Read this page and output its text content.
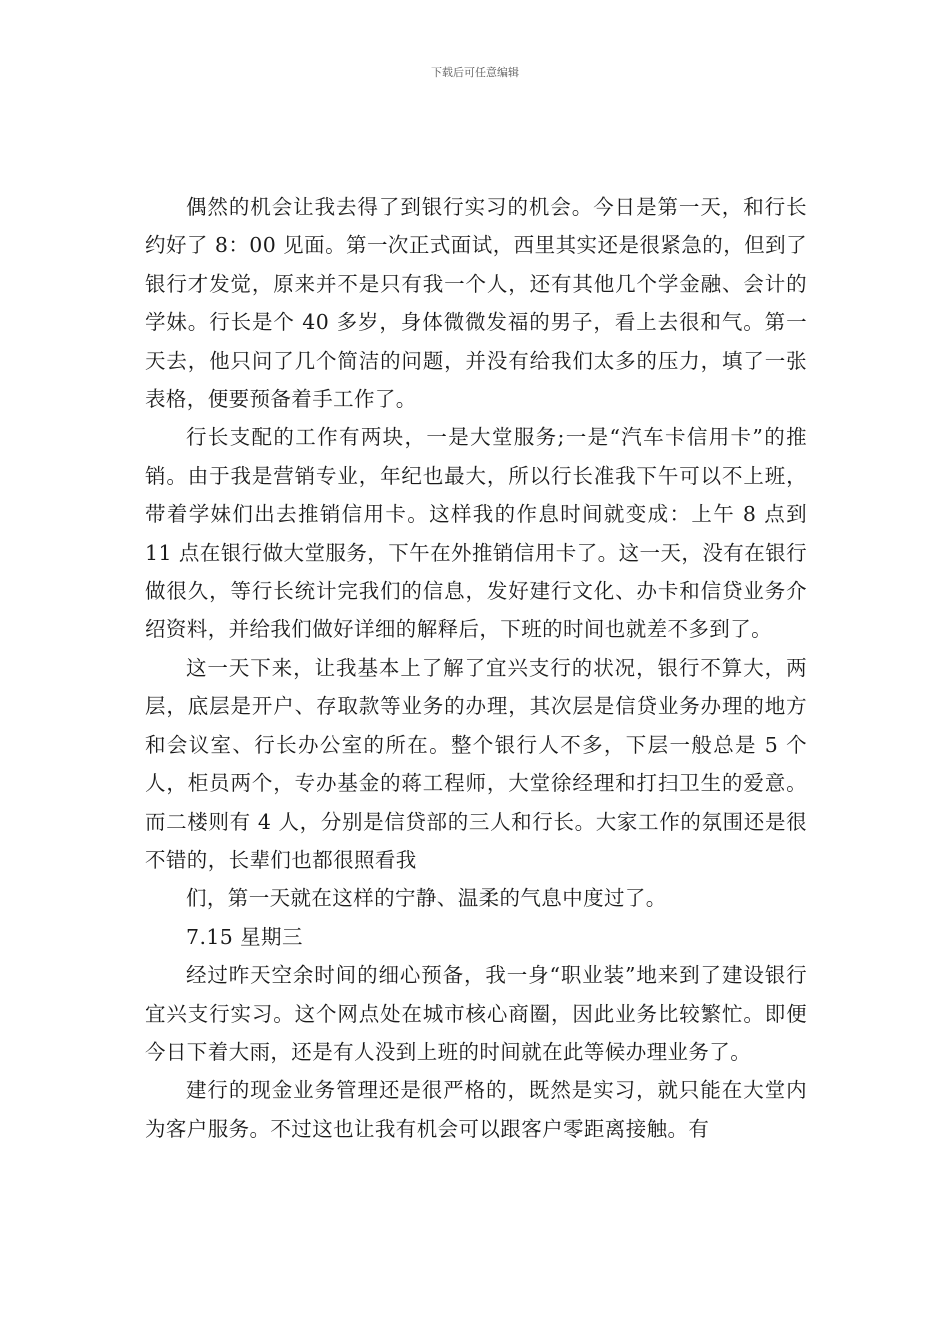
下载后可任意编辑

偶然的机会让我去得了到银行实习的机会。今日是第一天，和行长约好了 8：00 见面。第一次正式面试，西里其实还是很紧急的，但到了银行才发觉，原来并不是只有我一个人，还有其他几个学金融、会计的学妹。行长是个 40 多岁，身体微微发福的男子，看上去很和气。第一天去，他只问了几个简洁的问题，并没有给我们太多的压力，填了一张表格，便要预备着手工作了。

行长支配的工作有两块，一是大堂服务;一是“汽车卡信用卡”的推销。由于我是营销专业，年纪也最大，所以行长准我下午可以不上班，带着学妹们出去推销信用卡。这样我的作息时间就变成：上午 8 点到 11 点在银行做大堂服务，下午在外推销信用卡了。这一天，没有在银行做很久，等行长统计完我们的信息，发好建行文化、办卡和信贷业务介绍资料，并给我们做好详细的解释后，下班的时间也就差不多到了。

这一天下来，让我基本上了解了宜兴支行的状况，银行不算大，两层，底层是开户、存取款等业务的办理，其次层是信贷业务办理的地方和会议室、行长办公室的所在。整个银行人不多，下层一般总是 5 个人，柜员两个，专办基金的蒋工程师，大堂徐经理和打扫卫生的爱意。而二楼则有 4 人，分别是信贷部的三人和行长。大家工作的氛围还是很不错的，长辈们也都很照看我

们，第一天就在这样的宁静、温柔的气息中度过了。

7.15 星期三

经过昨天空余时间的细心预备，我一身“职业装”地来到了建设银行宜兴支行实习。这个网点处在城市核心商圈，因此业务比较繁忙。即便今日下着大雨，还是有人没到上班的时间就在此等候办理业务了。

建行的现金业务管理还是很严格的，既然是实习，就只能在大堂内为客户服务。不过这也让我有机会可以跟客户零距离接触。有
